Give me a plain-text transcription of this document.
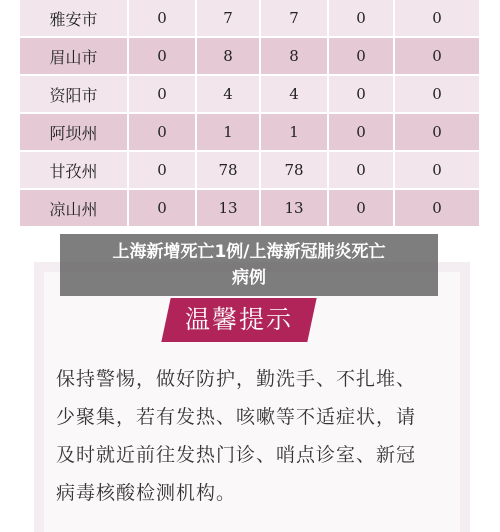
雅安市	0	7	7	0	0
眉山市	0	8	8	0	0
资阳市	0	4	4	0	0
阿坝州	0	1	1	0	0
甘孜州	0	78	78	0	0
凉山州	0	13	13	0	0
温馨提示
保持警惕，做好防护，勤洗手、不扎堆、
少聚集，若有发热、咳嗽等不适症状，请
及时就近前往发热门诊、哨点诊室、新冠
病毒核酸检测机构。
上海新增死亡1例/上海新冠肺炎死亡
病例
